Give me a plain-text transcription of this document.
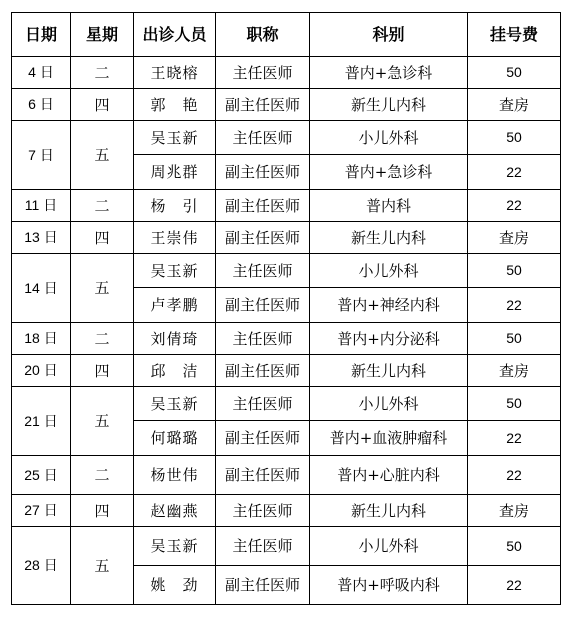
日期	星期	出诊人员	职称	科别	挂号费
4 日	二	王晓榕	主任医师	普内+急诊科	50
6 日	四	郭　艳	副主任医师	新生儿内科	查房
7 日	五	吴玉新	主任医师	小儿外科	50
		周兆群	副主任医师	普内+急诊科	22
11 日	二	杨　引	副主任医师	普内科	22
13 日	四	王崇伟	副主任医师	新生儿内科	查房
14 日	五	吴玉新	主任医师	小儿外科	50
		卢孝鹏	副主任医师	普内+神经内科	22
18 日	二	刘倩琦	主任医师	普内+内分泌科	50
20 日	四	邱　洁	副主任医师	新生儿内科	查房
21 日	五	吴玉新	主任医师	小儿外科	50
		何璐璐	副主任医师	普内+血液肿瘤科	22
25 日	二	杨世伟	副主任医师	普内+心脏内科	22
27 日	四	赵幽燕	主任医师	新生儿内科	查房
28 日	五	吴玉新	主任医师	小儿外科	50
		姚　劲	副主任医师	普内+呼吸内科	22
